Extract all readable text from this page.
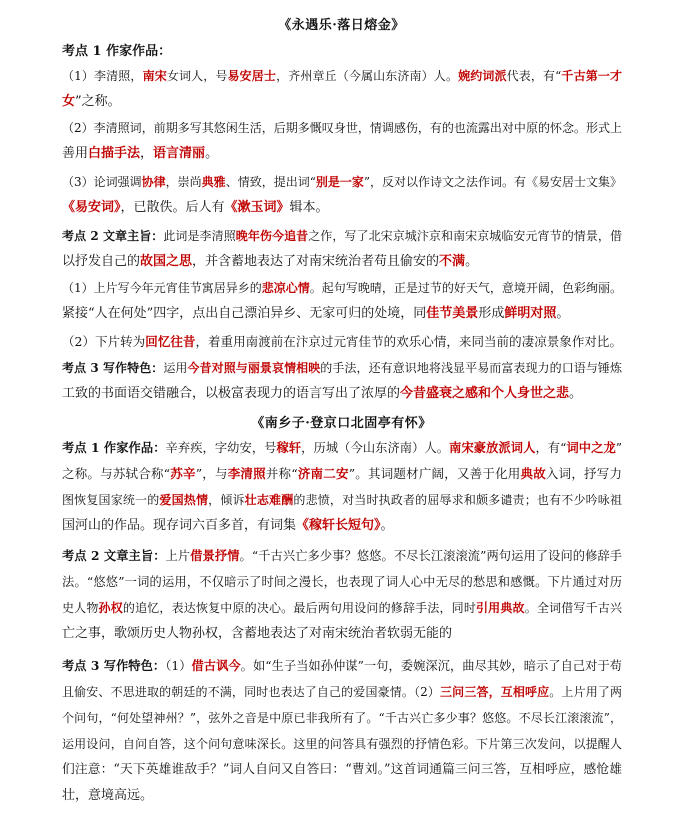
《永遇乐·落日熔金》
考点 1 作家作品：
（1）李清照，南宋女词人，号易安居士，齐州章丘（今属山东济南）人。婉约词派代表，有“千古第一才
女”之称。
（2）李清照词，前期多写其悠闲生活，后期多慨叹身世，情调感伤，有的也流露出对中原的怀念。形式上
善用白描手法，语言清丽。
（3）论词强调协律，崇尚典雅、情致，提出词“别是一家”，反对以作诗文之法作词。有《易安居士文集》
《易安词》，已散佚。后人有《漱玉词》辑本。
考点 2 文章主旨：此词是李清照晚年伤今追昔之作，写了北宋京城汴京和南宋京城临安元宵节的情景，借
以抒发自己的故国之思，并含蓄地表达了对南宋统治者苟且偷安的不满。
（1）上片写今年元宵佳节寓居异乡的悲凉心情。起句写晚晴，正是过节的好天气，意境开阔，色彩绚丽。
紧接“人在何处”四字，点出自己漂泊异乡、无家可归的处境，同佳节美景形成鲜明对照。
（2）下片转为回忆往昔，着重用南渡前在汴京过元宵佳节的欢乐心情，来同当前的凄凉景象作对比。
考点 3 写作特色：运用今昔对照与丽景哀情相映的手法，还有意识地将浅显平易而富表现力的口语与锤炼
工致的书面语交错融合，以极富表现力的语言写出了浓厚的今昔盛衰之感和个人身世之悲。
《南乡子·登京口北固亭有怀》
考点 1 作家作品：辛弃疾，字幼安，号稼轩，历城（今山东济南）人。南宋豪放派词人，有“词中之龙”
之称。与苏轼合称“苏辛”，与李清照并称“济南二安”。其词题材广阔，又善于化用典故入词，抒写力
图恢复国家统一的爱国热情，倾诉壮志难酬的悲愤，对当时执政者的屈辱求和颇多谴责；也有不少吟咏祖
国河山的作品。现存词六百多首，有词集《稼轩长短句》。
考点 2 文章主旨：上片借景抒情。“千古兴亡多少事？悠悠。不尽长江滚滚流”两句运用了设问的修辞手
法。“悠悠”一词的运用，不仅暗示了时间之漫长，也表现了词人心中无尽的愁思和感慨。下片通过对历
史人物孙权的追忆，表达恢复中原的决心。最后两句用设问的修辞手法，同时引用典故。全词借写千古兴
亡之事，歌颂历史人物孙权，含蓄地表达了对南宋统治者软弱无能的
考点 3 写作特色：（1）借古讽今。如“生子当如孙仲谋”一句，委婉深沉，曲尽其妙，暗示了自己对于苟
且偷安、不思进取的朝廷的不满，同时也表达了自己的爱国豪情。（2）三问三答，互相呼应。上片用了两
个问句，“何处望神州？”，弦外之音是中原已非我所有了。“千古兴亡多少事？悠悠。不尽长江滚滚流”，
运用设问，自问自答，这个问句意味深长。这里的问答具有强烈的抒情色彩。下片第三次发问，以提醒人
们注意：“天下英雄谁敌手？”词人自问又自答曰：“曹刘。”这首词通篇三问三答，互相呼应，感怆雄
壮，意境高远。
